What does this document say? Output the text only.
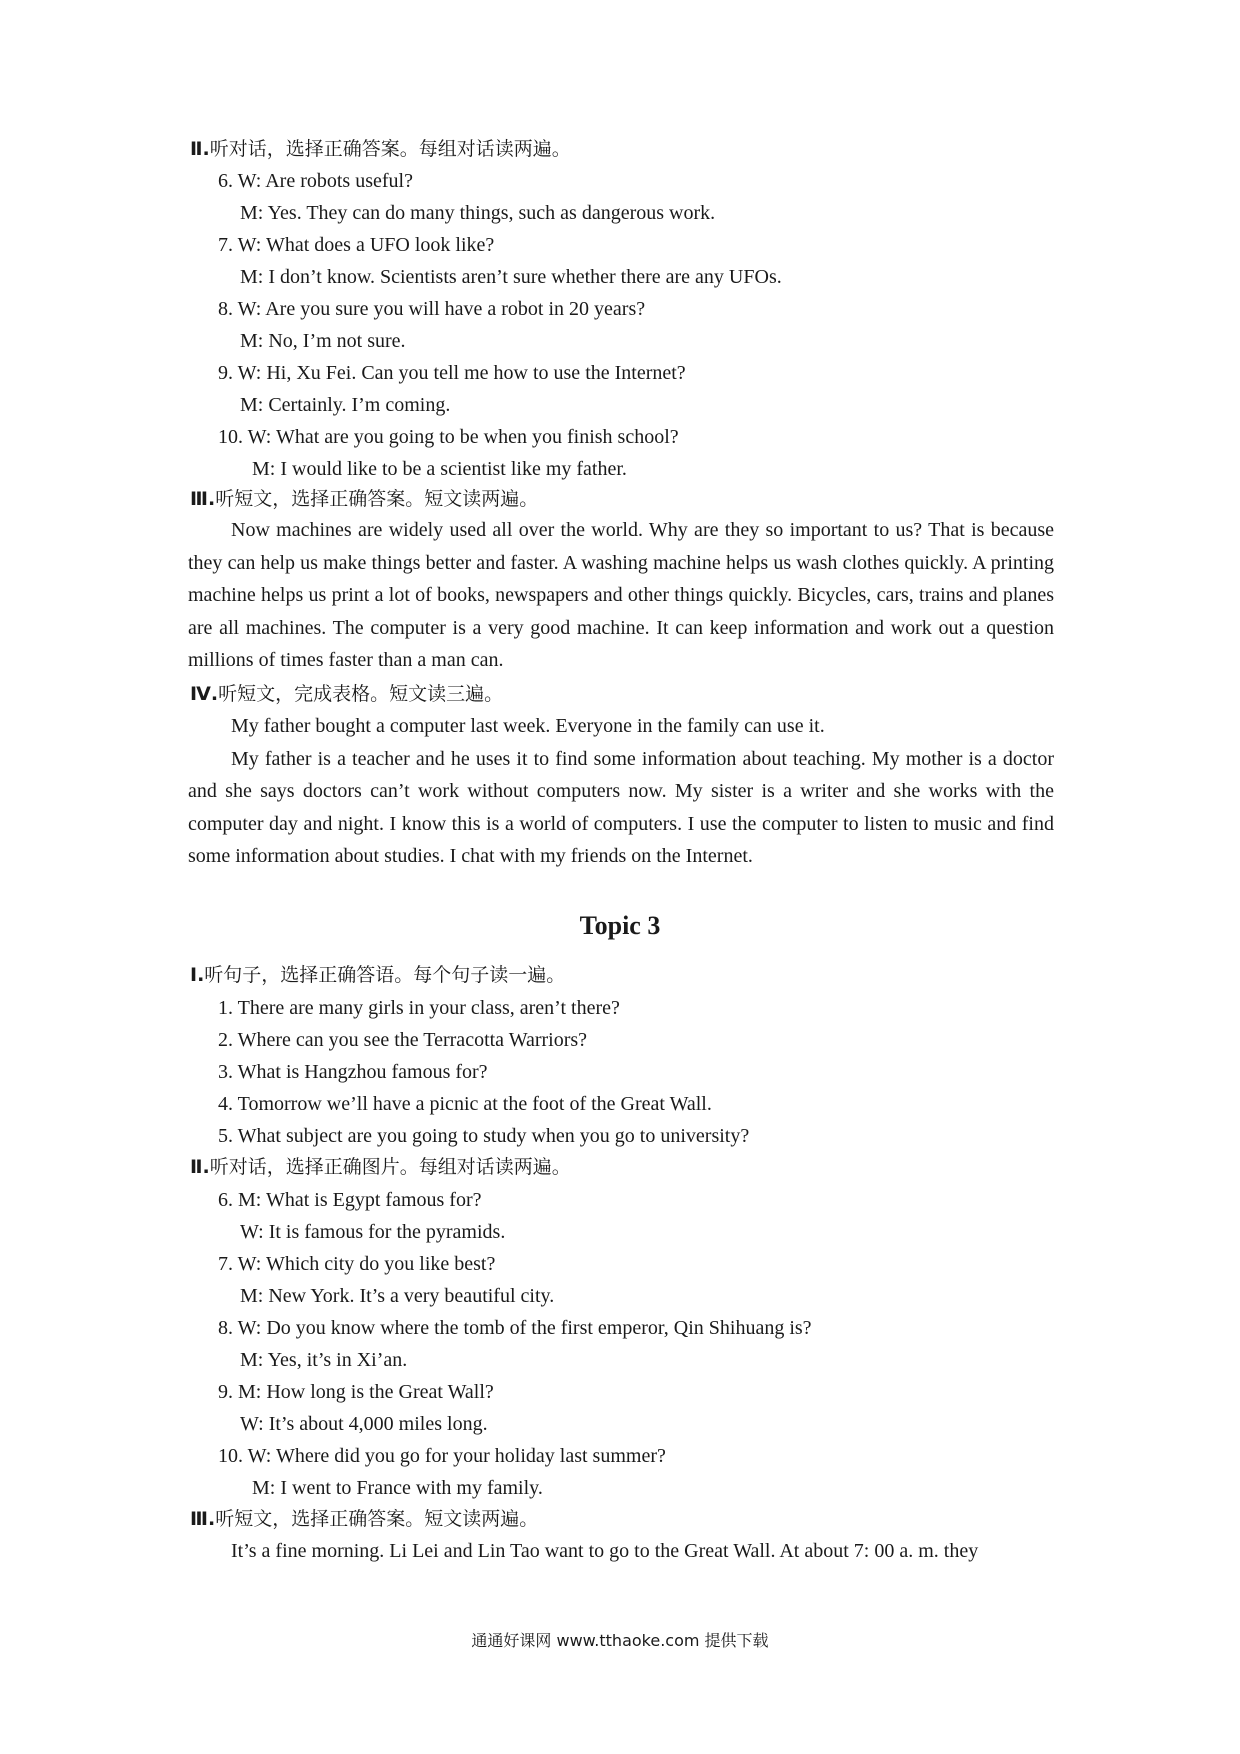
Ⅱ.听对话，选择正确答案。每组对话读两遍。
6. W: Are robots useful?
M: Yes. They can do many things, such as dangerous work.
7. W: What does a UFO look like?
M: I don’t know. Scientists aren’t sure whether there are any UFOs.
8. W: Are you sure you will have a robot in 20 years?
M: No, I’m not sure.
9. W: Hi, Xu Fei. Can you tell me how to use the Internet?
M: Certainly. I’m coming.
10. W: What are you going to be when you finish school?
M: I would like to be a scientist like my father.
Ⅲ.听短文，选择正确答案。短文读两遍。

Now machines are widely used all over the world. Why are they so important to us? That is because they can help us make things better and faster. A washing machine helps us wash clothes quickly. A printing machine helps us print a lot of books, newspapers and other things quickly. Bicycles, cars, trains and planes are all machines. The computer is a very good machine. It can keep information and work out a question millions of times faster than a man can.

Ⅳ.听短文，完成表格。短文读三遍。

My father bought a computer last week. Everyone in the family can use it.

My father is a teacher and he uses it to find some information about teaching. My mother is a doctor and she says doctors can’t work without computers now. My sister is a writer and she works with the computer day and night. I know this is a world of computers. I use the computer to listen to music and find some information about studies. I chat with my friends on the Internet.

Topic 3
Ⅰ.听句子，选择正确答语。每个句子读一遍。
1. There are many girls in your class, aren’t there?
2. Where can you see the Terracotta Warriors?
3. What is Hangzhou famous for?
4. Tomorrow we’ll have a picnic at the foot of the Great Wall.
5. What subject are you going to study when you go to university?
Ⅱ.听对话，选择正确图片。每组对话读两遍。
6. M: What is Egypt famous for?
W: It is famous for the pyramids.
7. W: Which city do you like best?
M: New York. It’s a very beautiful city.
8. W: Do you know where the tomb of the first emperor, Qin Shihuang is?
M: Yes, it’s in Xi’an.
9. M: How long is the Great Wall?
W: It’s about 4,000 miles long.
10. W: Where did you go for your holiday last summer?
M: I went to France with my family.
Ⅲ.听短文，选择正确答案。短文读两遍。

It’s a fine morning. Li Lei and Lin Tao want to go to the Great Wall. At about 7: 00 a. m. they

通通好课网 www.tthaoke.com 提供下载
